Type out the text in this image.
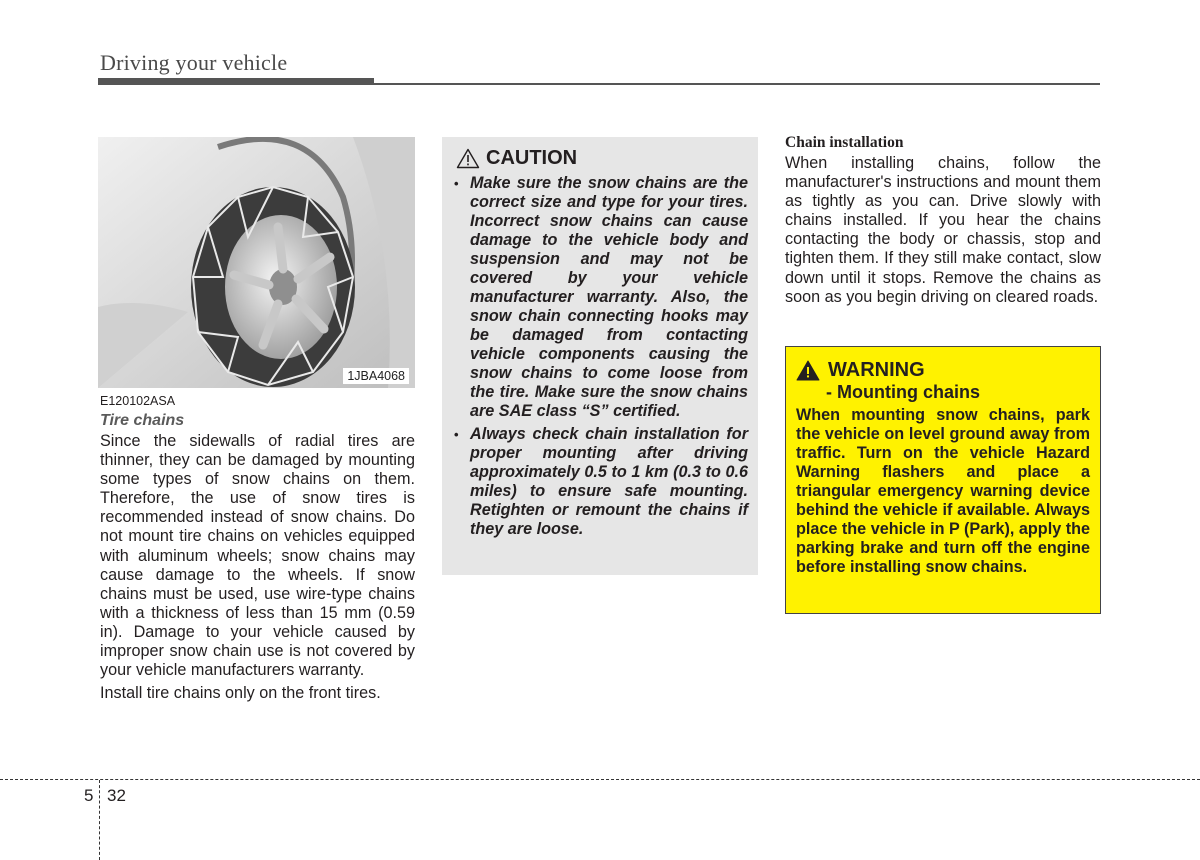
Driving your vehicle
1JBA4068
E120102ASA
Tire chains

Since the sidewalls of radial tires are thinner, they can be damaged by mounting some types of snow chains on them. Therefore, the use of snow tires is recommended instead of snow chains. Do not mount tire chains on vehicles equipped with aluminum wheels; snow chains may cause damage to the wheels. If snow chains must be used, use wire-type chains with a thickness of less than 15 mm (0.59 in). Damage to your vehicle caused by improper snow chain use is not covered by your vehicle manufacturers warranty.

Install tire chains only on the front tires.

CAUTION
• Make sure the snow chains are the correct size and type for your tires. Incorrect snow chains can cause damage to the vehicle body and suspension and may not be covered by your vehicle manufacturer warranty. Also, the snow chain connecting hooks may be damaged from contacting vehicle components causing the snow chains to come loose from the tire. Make sure the snow chains are SAE class “S” certified.
• Always check chain installation for proper mounting after driving approximately 0.5 to 1 km (0.3 to 0.6 miles) to ensure safe mounting. Retighten or remount the chains if they are loose.
Chain installation

When installing chains, follow the manufacturer's instructions and mount them as tightly as you can. Drive slowly with chains installed. If you hear the chains contacting the body or chassis, stop and tighten them. If they still make contact, slow down until it stops. Remove the chains as soon as you begin driving on cleared roads.

WARNING
- Mounting chains

When mounting snow chains, park the vehicle on level ground away from traffic. Turn on the vehicle Hazard Warning flashers and place a triangular emergency warning device behind the vehicle if available. Always place the vehicle in P (Park), apply the parking brake and turn off the engine before installing snow chains.

5 32
